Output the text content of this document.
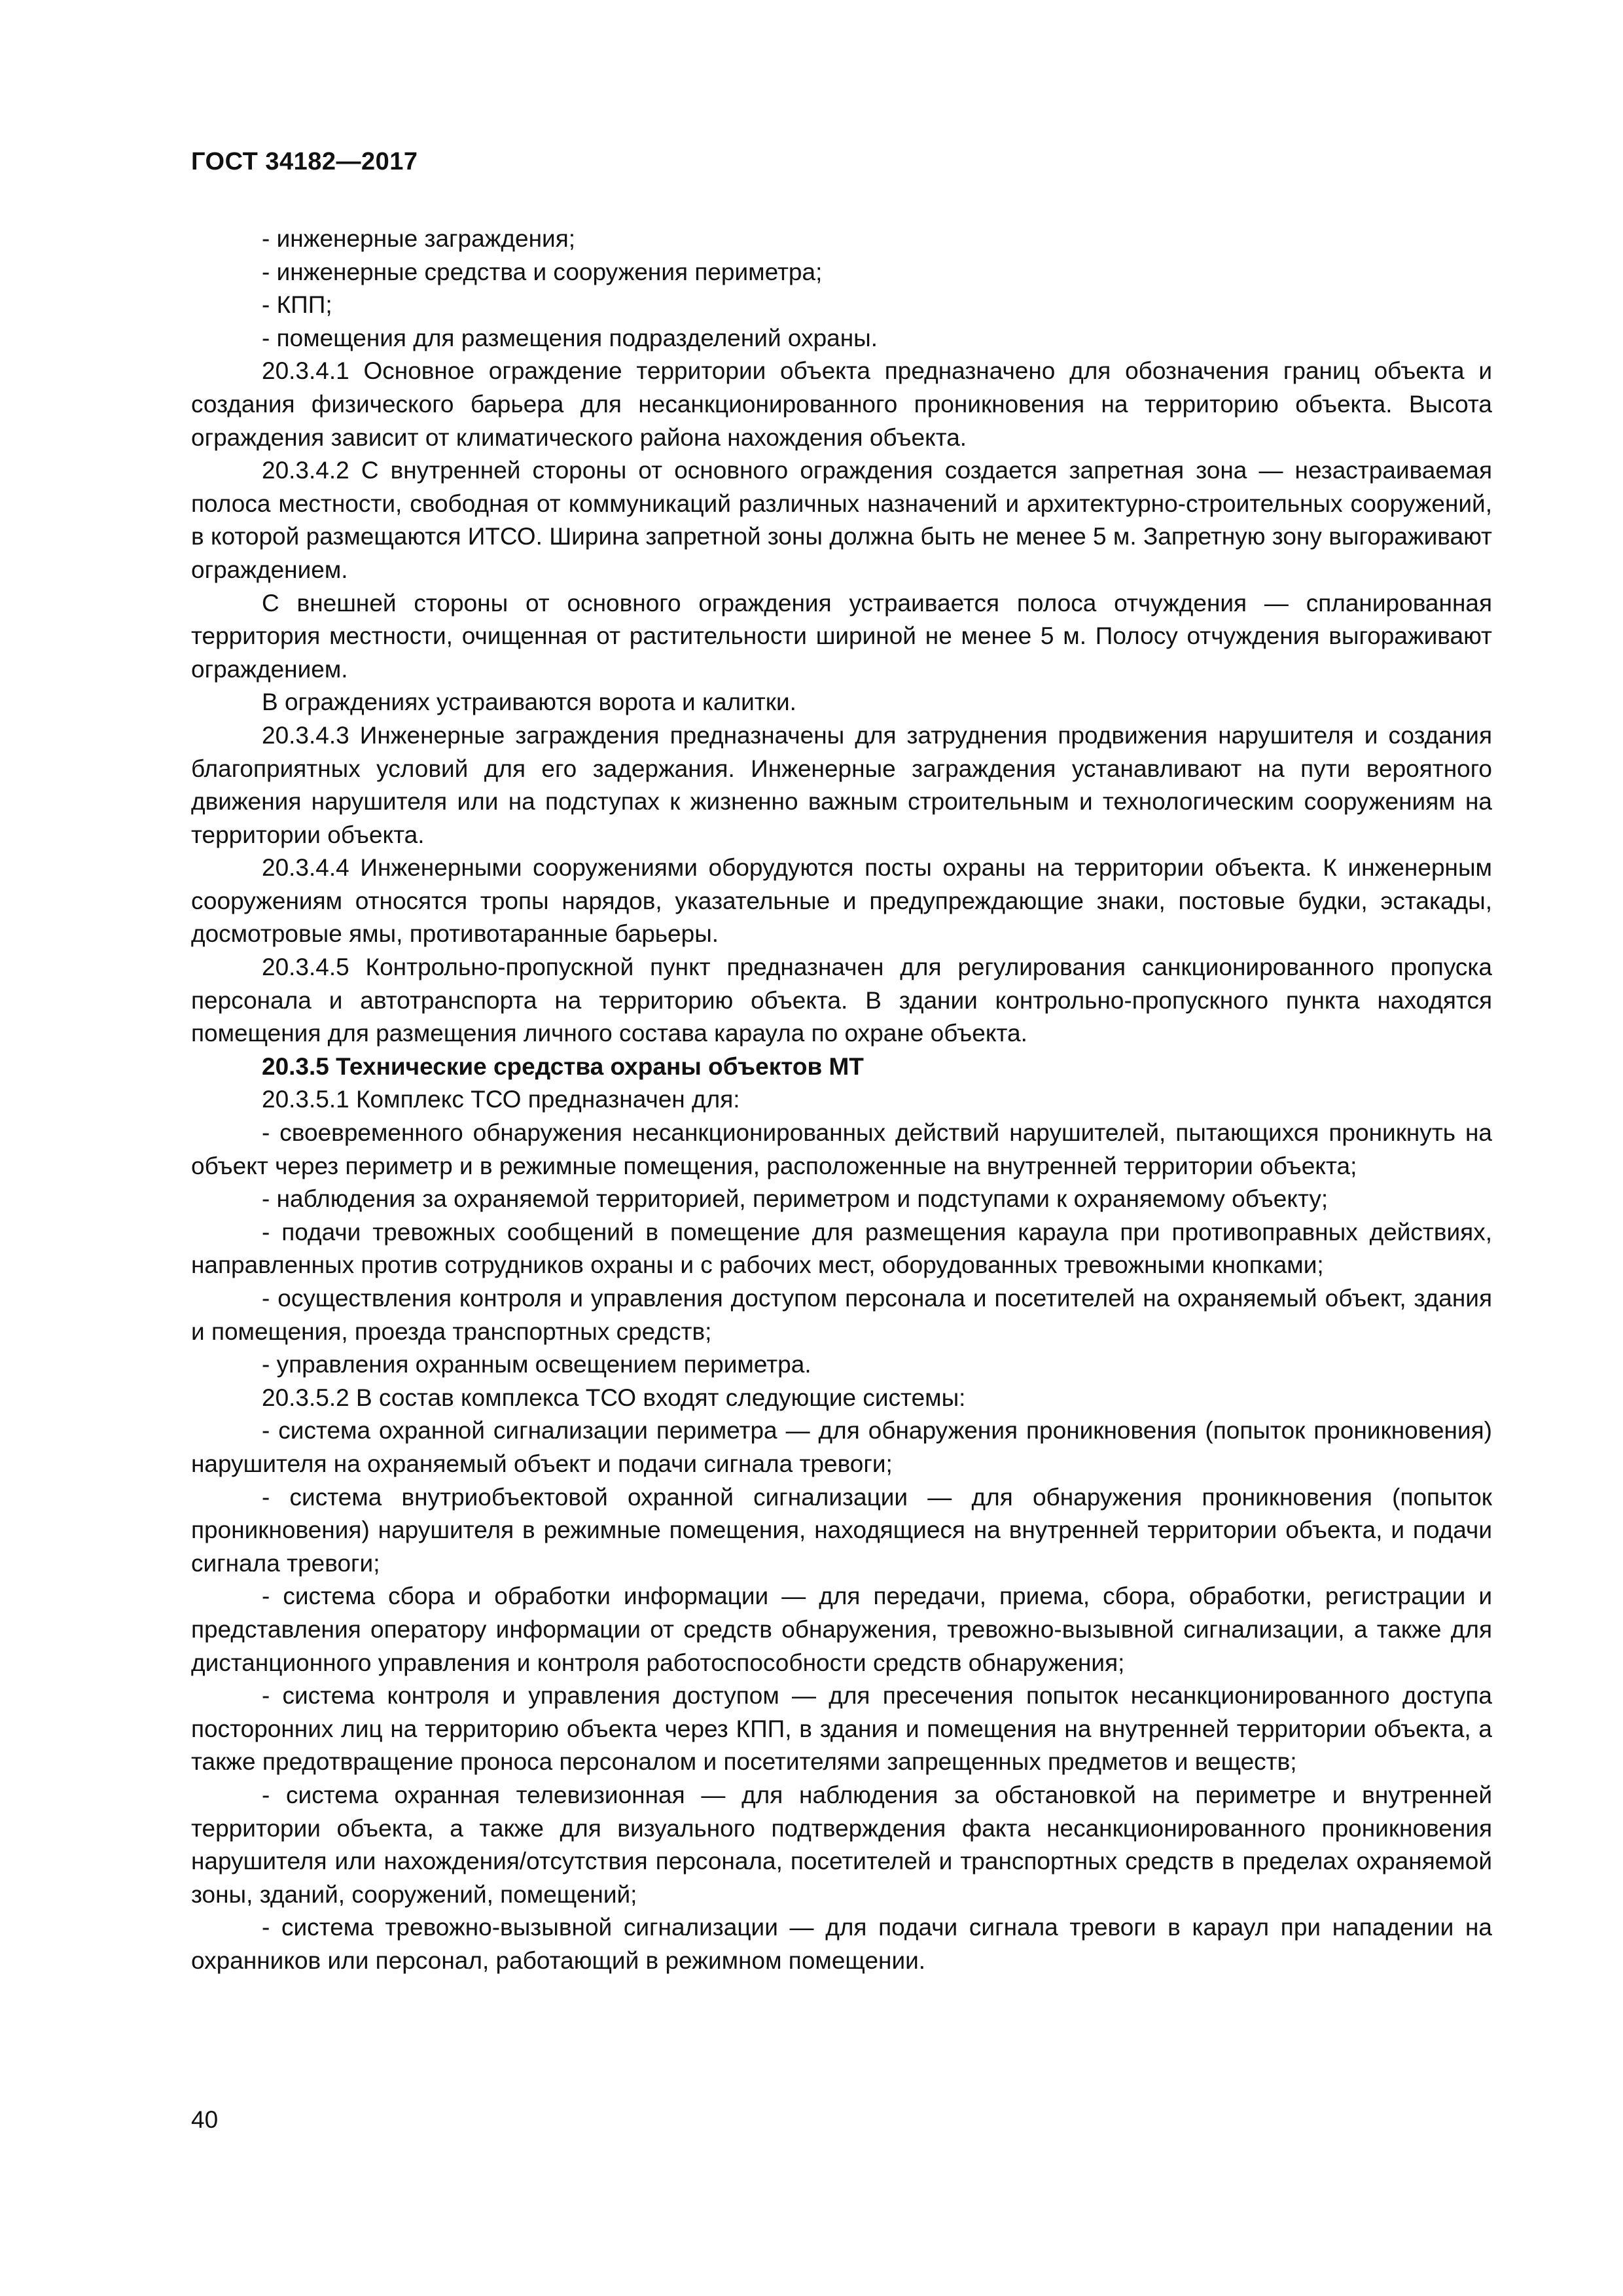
ГОСТ 34182—2017

- инженерные заграждения;

- инженерные средства и сооружения периметра;

- КПП;

- помещения для размещения подразделений охраны.

20.3.4.1 Основное ограждение территории объекта предназначено для обозначения границ объекта и создания физического барьера для несанкционированного проникновения на территорию объекта. Высота ограждения зависит от климатического района нахождения объекта.

20.3.4.2 С внутренней стороны от основного ограждения создается запретная зона — незастраиваемая полоса местности, свободная от коммуникаций различных назначений и архитектурно-строительных сооружений, в которой размещаются ИТСО. Ширина запретной зоны должна быть не менее 5 м. Запретную зону выгораживают ограждением.

С внешней стороны от основного ограждения устраивается полоса отчуждения — спланированная территория местности, очищенная от растительности шириной не менее 5 м. Полосу отчуждения выгораживают ограждением.

В ограждениях устраиваются ворота и калитки.

20.3.4.3 Инженерные заграждения предназначены для затруднения продвижения нарушителя и создания благоприятных условий для его задержания. Инженерные заграждения устанавливают на пути вероятного движения нарушителя или на подступах к жизненно важным строительным и технологическим сооружениям на территории объекта.

20.3.4.4 Инженерными сооружениями оборудуются посты охраны на территории объекта. К инженерным сооружениям относятся тропы нарядов, указательные и предупреждающие знаки, постовые будки, эстакады, досмотровые ямы, противотаранные барьеры.

20.3.4.5 Контрольно-пропускной пункт предназначен для регулирования санкционированного пропуска персонала и автотранспорта на территорию объекта. В здании контрольно-пропускного пункта находятся помещения для размещения личного состава караула по охране объекта.

20.3.5 Технические средства охраны объектов МТ

20.3.5.1 Комплекс ТСО предназначен для:

- своевременного обнаружения несанкционированных действий нарушителей, пытающихся проникнуть на объект через периметр и в режимные помещения, расположенные на внутренней территории объекта;

- наблюдения за охраняемой территорией, периметром и подступами к охраняемому объекту;

- подачи тревожных сообщений в помещение для размещения караула при противоправных действиях, направленных против сотрудников охраны и с рабочих мест, оборудованных тревожными кнопками;

- осуществления контроля и управления доступом персонала и посетителей на охраняемый объект, здания и помещения, проезда транспортных средств;

- управления охранным освещением периметра.

20.3.5.2 В состав комплекса ТСО входят следующие системы:

- система охранной сигнализации периметра — для обнаружения проникновения (попыток проникновения) нарушителя на охраняемый объект и подачи сигнала тревоги;

- система внутриобъектовой охранной сигнализации — для обнаружения проникновения (попыток проникновения) нарушителя в режимные помещения, находящиеся на внутренней территории объекта, и подачи сигнала тревоги;

- система сбора и обработки информации — для передачи, приема, сбора, обработки, регистрации и представления оператору информации от средств обнаружения, тревожно-вызывной сигнализации, а также для дистанционного управления и контроля работоспособности средств обнаружения;

- система контроля и управления доступом — для пресечения попыток несанкционированного доступа посторонних лиц на территорию объекта через КПП, в здания и помещения на внутренней территории объекта, а также предотвращение проноса персоналом и посетителями запрещенных предметов и веществ;

- система охранная телевизионная — для наблюдения за обстановкой на периметре и внутренней территории объекта, а также для визуального подтверждения факта несанкционированного проникновения нарушителя или нахождения/отсутствия персонала, посетителей и транспортных средств в пределах охраняемой зоны, зданий, сооружений, помещений;

- система тревожно-вызывной сигнализации — для подачи сигнала тревоги в караул при нападении на охранников или персонал, работающий в режимном помещении.

40
